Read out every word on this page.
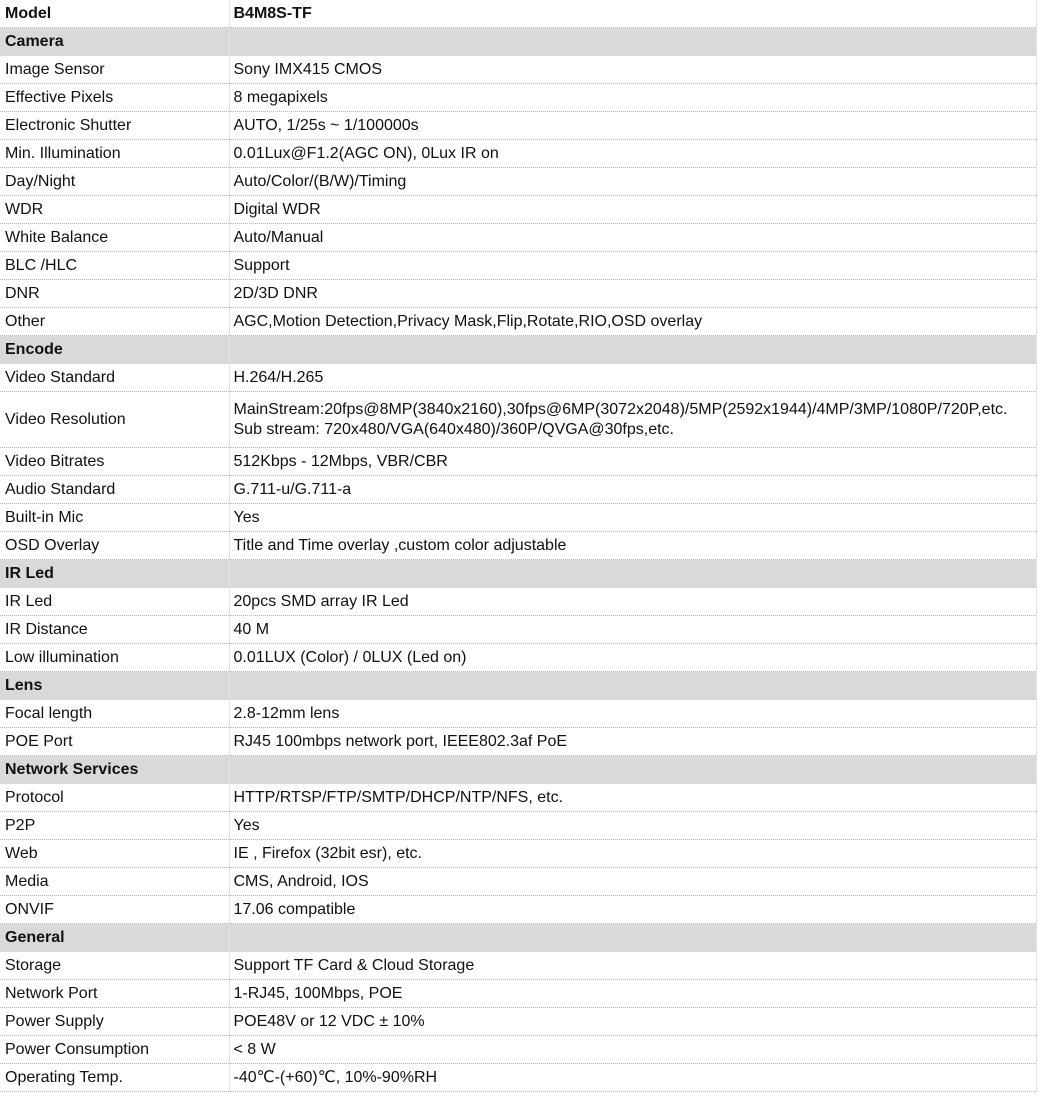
Model	B4M8S-TF
Camera	
Image Sensor	Sony IMX415 CMOS

Effective Pixels	8 megapixels

Electronic Shutter	AUTO, 1/25s ~ 1/100000s

Min. Illumination	0.01Lux@F1.2(AGC ON), 0Lux IR on

Day/Night	Auto/Color/(B/W)/Timing

WDR	Digital WDR

White Balance	Auto/Manual

BLC /HLC	Support

DNR	2D/3D DNR

Other	AGC,Motion Detection,Privacy Mask,Flip,Rotate,RIO,OSD overlay

Encode	
Video Standard	H.264/H.265

Video Resolution	MainStream:20fps@8MP(3840x2160),30fps@6MP(3072x2048)/5MP(2592x1944)/4MP/3MP/1080P/720P,etc.
Sub stream: 720x480/VGA(640x480)/360P/QVGA@30fps,etc.

Video Bitrates	512Kbps - 12Mbps, VBR/CBR

Audio Standard	G.711-u/G.711-a

Built-in Mic	Yes

OSD Overlay	Title and Time overlay ,custom color adjustable

IR Led	
IR Led	20pcs SMD array IR Led

IR Distance	40 M

Low illumination	0.01LUX (Color) / 0LUX (Led on)

Lens	
Focal length	2.8-12mm lens

POE Port	RJ45 100mbps network port, IEEE802.3af PoE

Network Services	
Protocol	HTTP/RTSP/FTP/SMTP/DHCP/NTP/NFS, etc.

P2P	Yes

Web	IE , Firefox (32bit esr), etc.

Media	CMS, Android, IOS

ONVIF	17.06 compatible

General	
Storage	Support TF Card & Cloud Storage

Network Port	1-RJ45, 100Mbps, POE

Power Supply	POE48V or 12 VDC ± 10%

Power Consumption	< 8 W

Operating Temp.	-40℃-(+60)℃, 10%-90%RH
